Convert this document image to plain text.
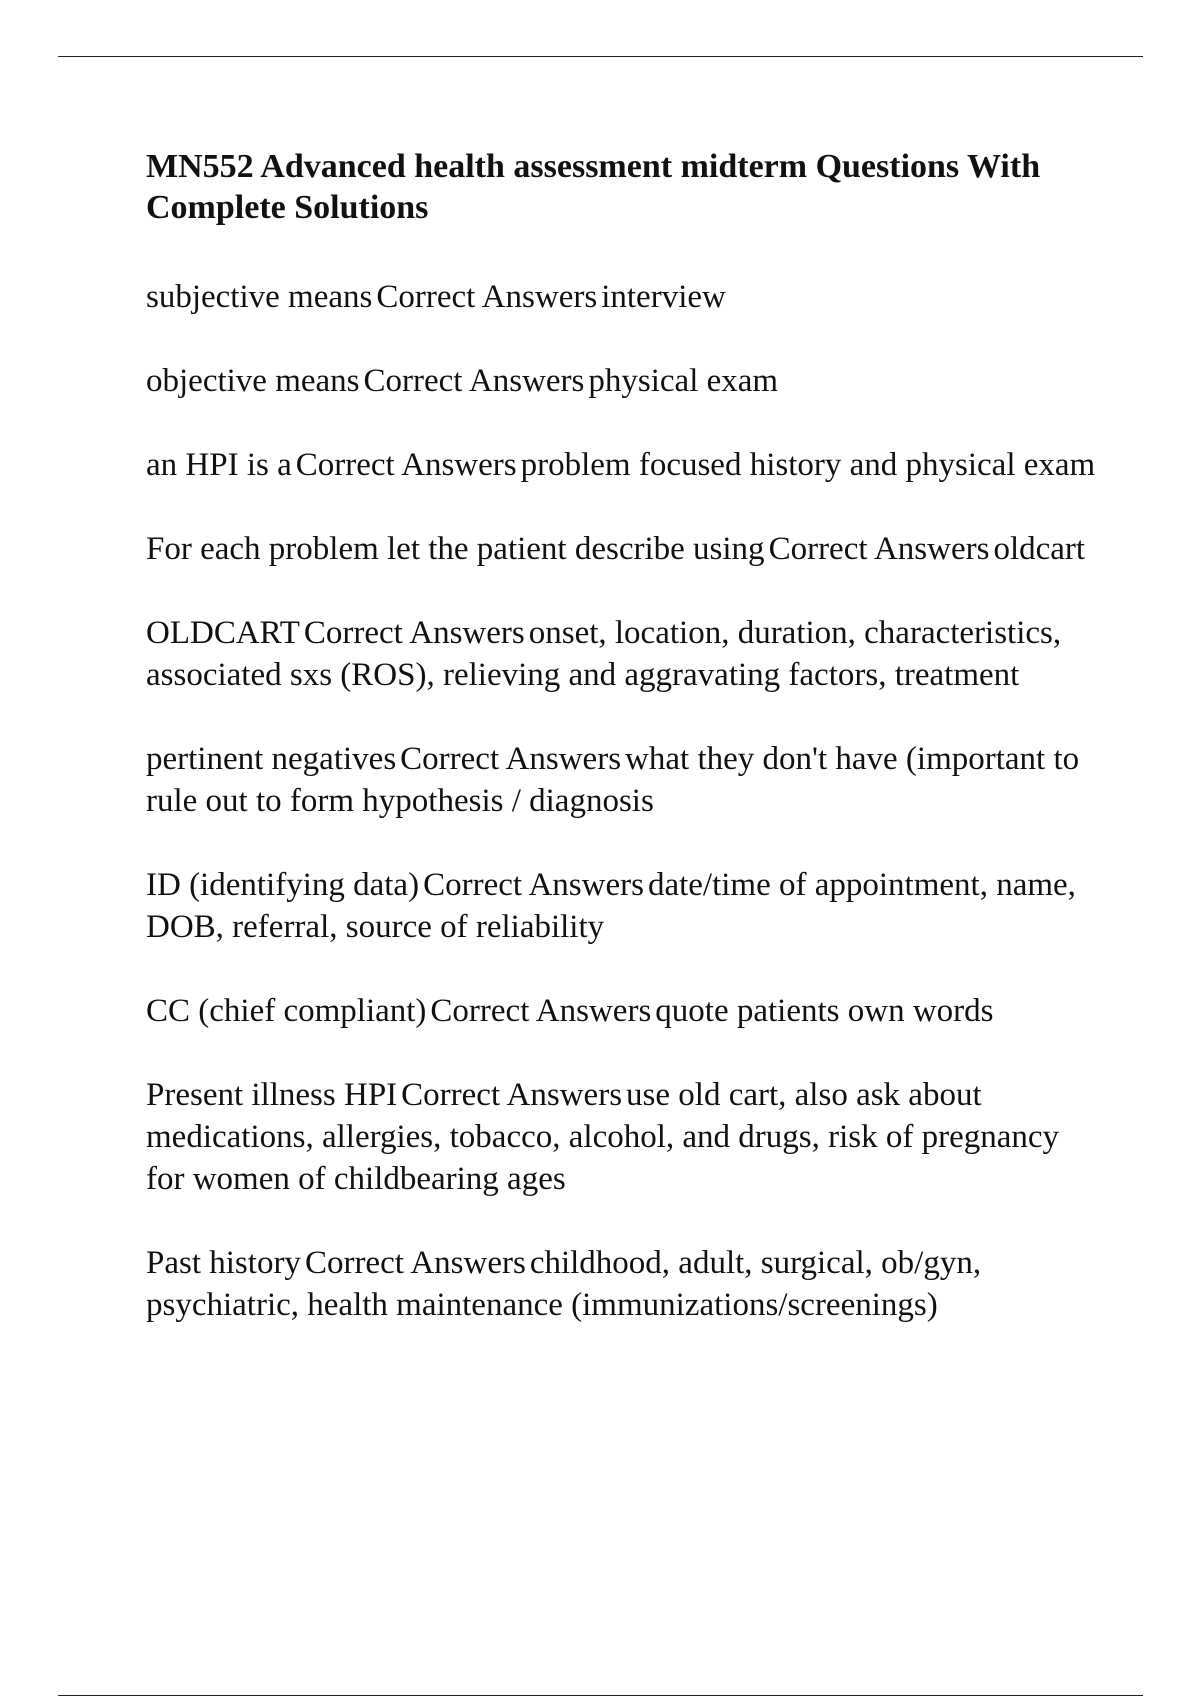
MN552 Advanced health assessment midterm Questions With Complete Solutions

subjective means Correct Answers interview

objective means Correct Answers physical exam

an HPI is a Correct Answers problem focused history and physical exam

For each problem let the patient describe using Correct Answers oldcart

OLDCART Correct Answers onset, location, duration, characteristics, associated sxs (ROS), relieving and aggravating factors, treatment

pertinent negatives Correct Answers what they don't have (important to rule out to form hypothesis / diagnosis

ID (identifying data) Correct Answers date/time of appointment, name, DOB, referral, source of reliability

CC (chief compliant) Correct Answers quote patients own words

Present illness HPI Correct Answers use old cart, also ask about medications, allergies, tobacco, alcohol, and drugs, risk of pregnancy for women of childbearing ages

Past history Correct Answers childhood, adult, surgical, ob/gyn, psychiatric, health maintenance (immunizations/screenings)
